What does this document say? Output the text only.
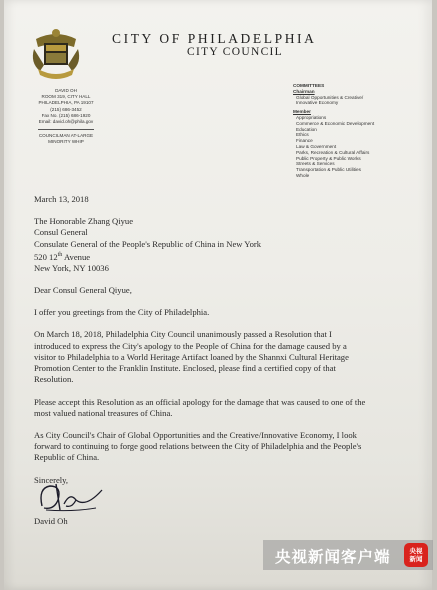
CITY OF PHILADELPHIA
CITY COUNCIL
DAVID OH
ROOM 319, CITY HALL
PHILADELPHIA, PA 19107
(215) 686-3452
Fax No. (215) 686-1920
Email: david.oh@phila.gov
COUNCILMAN AT-LARGE
MINORITY WHIP
COMMITTEES
Chairman
Global Opportunities & Creative/
Innovative Economy
Member
Appropriations
Commerce & Economic Development
Education
Ethics
Finance
Law & Government
Parks, Recreation & Cultural Affairs
Public Property & Public Works
Streets & Services
Transportation & Public Utilities
Whole

March 13, 2018

The Honorable Zhang Qiyue

Consul General

Consulate General of the People's Republic of China in New York

520 12th Avenue

New York, NY 10036

Dear Consul General Qiyue,

I offer you greetings from the City of Philadelphia.

On March 18, 2018, Philadelphia City Council unanimously passed a Resolution that I

introduced to express the City's apology to the People of China for the damage caused by a

visitor to Philadelphia to a World Heritage Artifact loaned by the Shannxi Cultural Heritage

Promotion Center to the Franklin Institute. Enclosed, please find a certified copy of that

Resolution.

Please accept this Resolution as an official apology for the damage that was caused to one of the

most valued national treasures of China.

As City Council's Chair of Global Opportunities and the Creative/Innovative Economy, I look

forward to continuing to forge good relations between the City of Philadelphia and the People's

Republic of China.

Sincerely,

David Oh

央视新闻客户端	央视
新闻
